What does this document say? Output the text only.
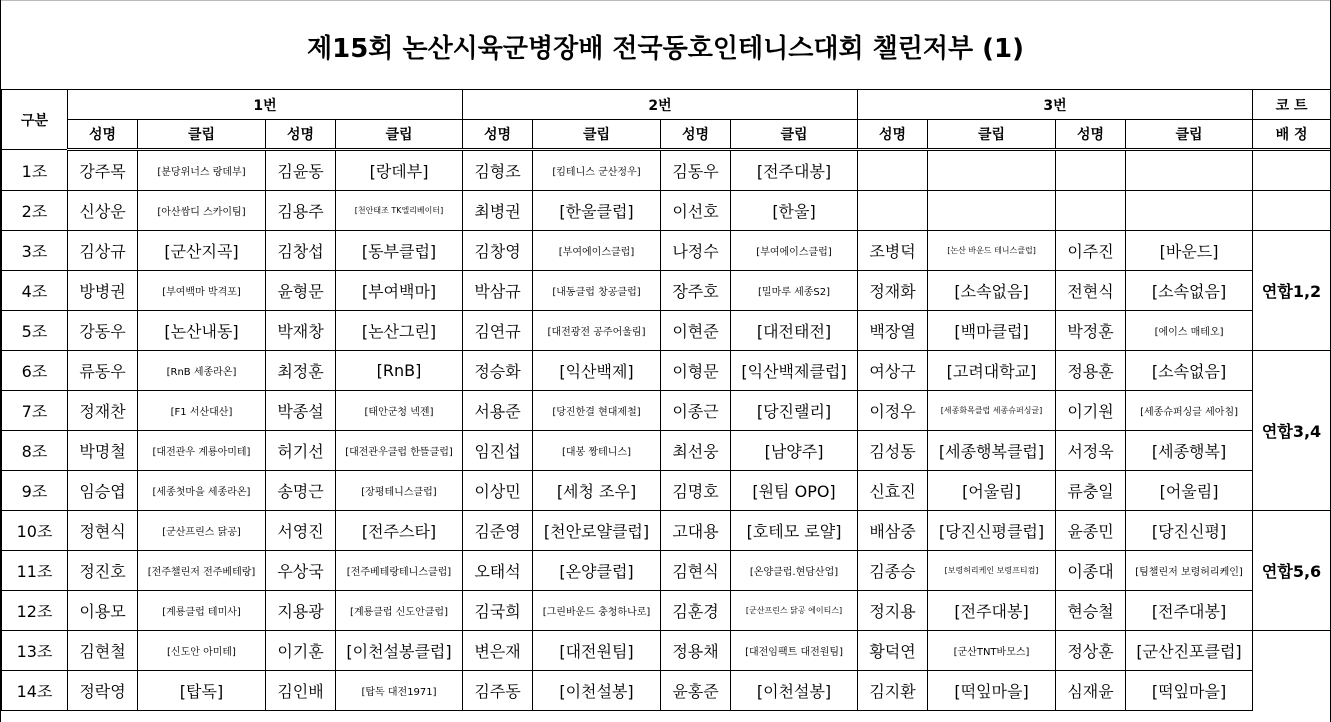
제15회 논산시육군병장배 전국동호인테니스대회 챌린저부 (1)
구분	1번				2번				3번				코 트	
	성명	클립	성명	클립	성명	클립	성명	클립	성명	클립	성명	클립	배 정	
1조	강주목	[분당위너스 랑데부]	김윤동	[랑데부]	김형조	[킴테니스 군산정우]	김동우	[전주대봉]						
2조	신상운	[아산쌈디 스카이팀]	김용주	[천안태조 TK엘리베이터]	최병권	[한울클럽]	이선호	[한울]						
3조	김상규	[군산지곡]	김창섭	[동부클럽]	김창영	[부여에이스클럽]	나정수	[부여에이스클럽]	조병덕	[논산 바운드 테니스클럽]	이주진	[바운드]	연합1,2	
4조	방병권	[부여백마 박격포]	윤형문	[부여백마]	박삼규	[내동클럽 창공클럽]	장주호	[밀마루 세종S2]	정재화	[소속없음]	전현식	[소속없음]		
5조	강동우	[논산내동]	박재창	[논산그린]	김연규	[대전광전 공주어울림]	이현준	[대전태전]	백장열	[백마클럽]	박정훈	[에이스 매테오]		
6조	류동우	[RnB 세종라온]	최정훈	[RnB]	정승화	[익산백제]	이형문	[익산백제클럽]	여상구	[고려대학교]	정용훈	[소속없음]	연합3,4	
7조	정재찬	[F1 서산대산]	박종설	[태안군청 넥젠]	서용준	[당진한결 현대제철]	이종근	[당진랠리]	이정우	[세종화목클럽 세종슈퍼싱글]	이기원	[세종슈퍼싱글 세아침]		
8조	박명철	[대전관우 계룡아미테]	허기선	[대전관우클럽 한뜰클럽]	임진섭	[대봉 짱테니스]	최선웅	[남양주]	김성동	[세종행복클럽]	서정욱	[세종행복]		
9조	임승엽	[세종첫마을 세종라온]	송명근	[장평테니스클럽]	이상민	[세청 조우]	김명호	[원팀 OPO]	신효진	[어울림]	류충일	[어울림]		
10조	정현식	[군산프린스 닭공]	서영진	[전주스타]	김준영	[천안로얄클럽]	고대용	[호테모 로얄]	배삼중	[당진신평클럽]	윤종민	[당진신평]	연합5,6	
11조	정진호	[전주챌린저 전주베테랑]	우상국	[전주베테랑테니스클럽]	오태석	[온양클럽]	김현식	[온양클럽.현담산업]	김종승	[보령허리케인 보령프티컴]	이종대	[팀챌린저 보령허리케인]		
12조	이용모	[계룡클럽 테미사]	지용광	[계룡클럽 신도안클럽]	김국희	[그린바운드 충청하나로]	김훈경	[군산프린스 닭공 에이티스]	정지용	[전주대봉]	현승철	[전주대봉]	
13조	김현철	[신도안 아미테]	이기훈	[이천설봉클럽]	변은재	[대전원팀]	정용채	[대전임팩트 대전원팀]	황덕연	[군산TNT바모스]	정상훈	[군산진포클럽]		
14조	정락영	[탑독]	김인배	[탑독 대전1971]	김주동	[이천설봉]	윤홍준	[이천설봉]	김지환	[떡잎마을]	심재윤	[떡잎마을]		
